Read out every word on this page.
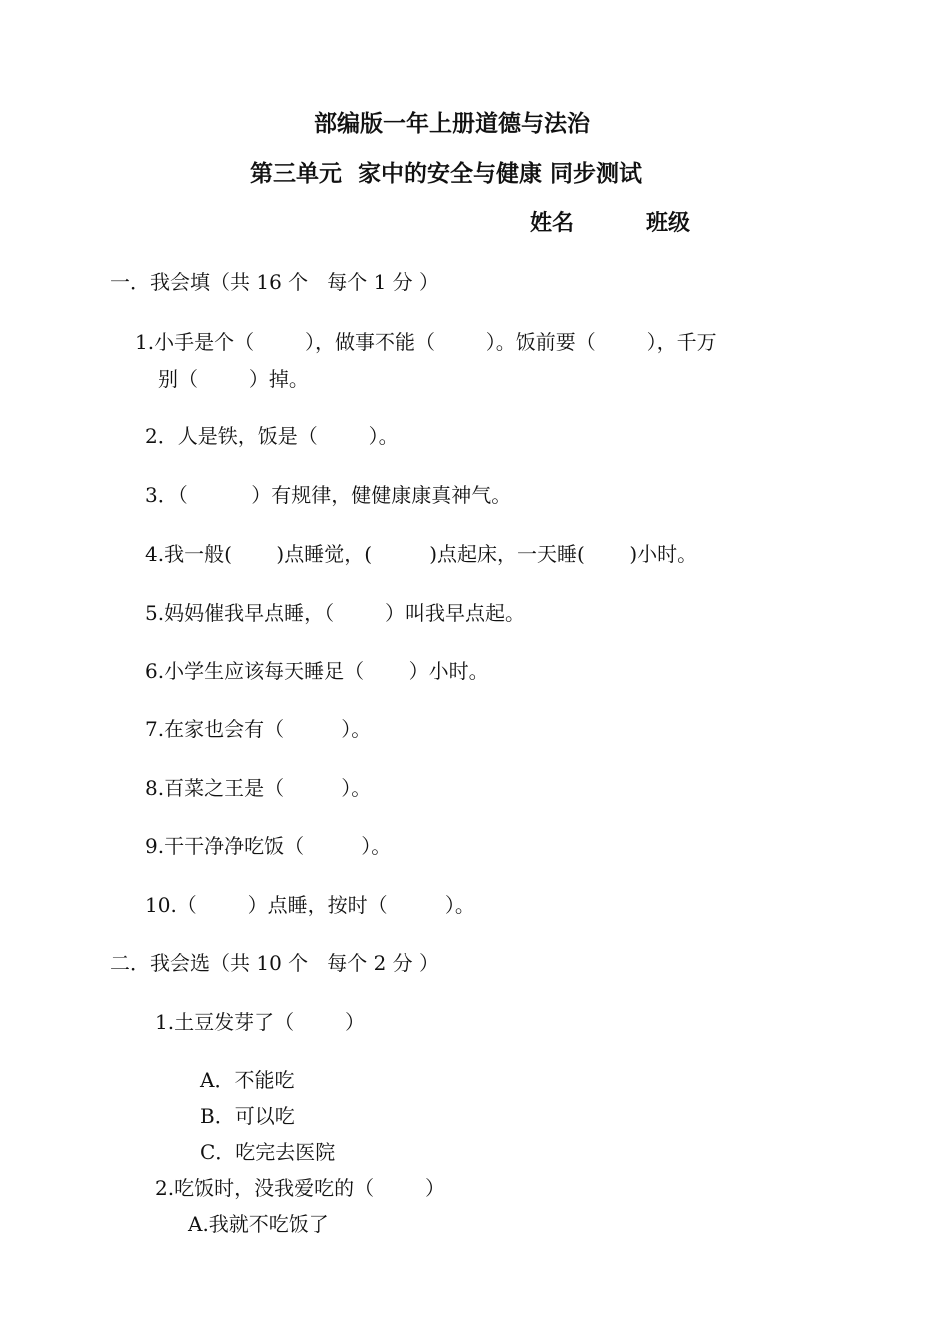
部编版一年上册道德与法治
第三单元  家中的安全与健康 同步测试
姓名	班级
一．我会填（共 16 个   每个 1 分 ）
1.小手是个（        ），做事不能（        ）。饭前要（        ），千万
别（        ）掉。
2．人是铁，饭是（        ）。
3．（          ）有规律，健健康康真神气。
4.我一般(       )点睡觉，(         )点起床，一天睡(       )小时。
5.妈妈催我早点睡，（        ）叫我早点起。
6.小学生应该每天睡足（       ）小时。
7.在家也会有（         ）。
8.百菜之王是（         ）。
9.干干净净吃饭（         ）。
10.（        ）点睡，按时（         ）。
二．我会选（共 10 个   每个 2 分 ）
1.土豆发芽了（        ）
A．不能吃
B．可以吃
C．吃完去医院
2.吃饭时，没我爱吃的（        ）
A.我就不吃饭了
